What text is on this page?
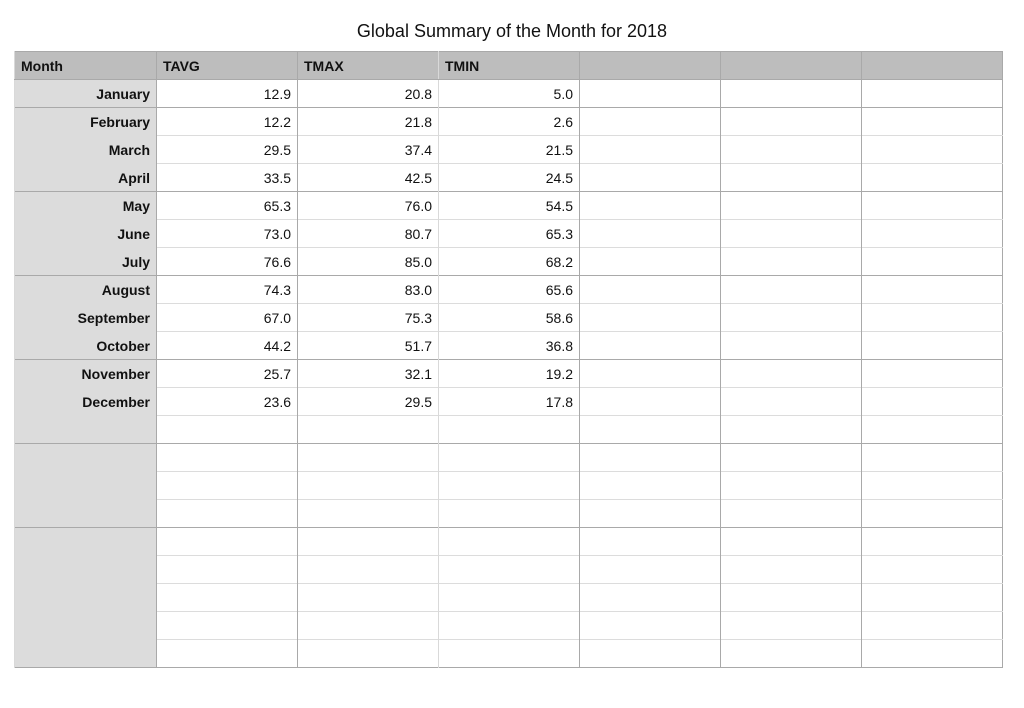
Global Summary of the Month for 2018
Month	TAVG	TMAX	TMIN			
January	12.9	20.8	5.0			
February	12.2	21.8	2.6			
March	29.5	37.4	21.5			
April	33.5	42.5	24.5			
May	65.3	76.0	54.5			
June	73.0	80.7	65.3			
July	76.6	85.0	68.2			
August	74.3	83.0	65.6			
September	67.0	75.3	58.6			
October	44.2	51.7	36.8			
November	25.7	32.1	19.2			
December	23.6	29.5	17.8			
